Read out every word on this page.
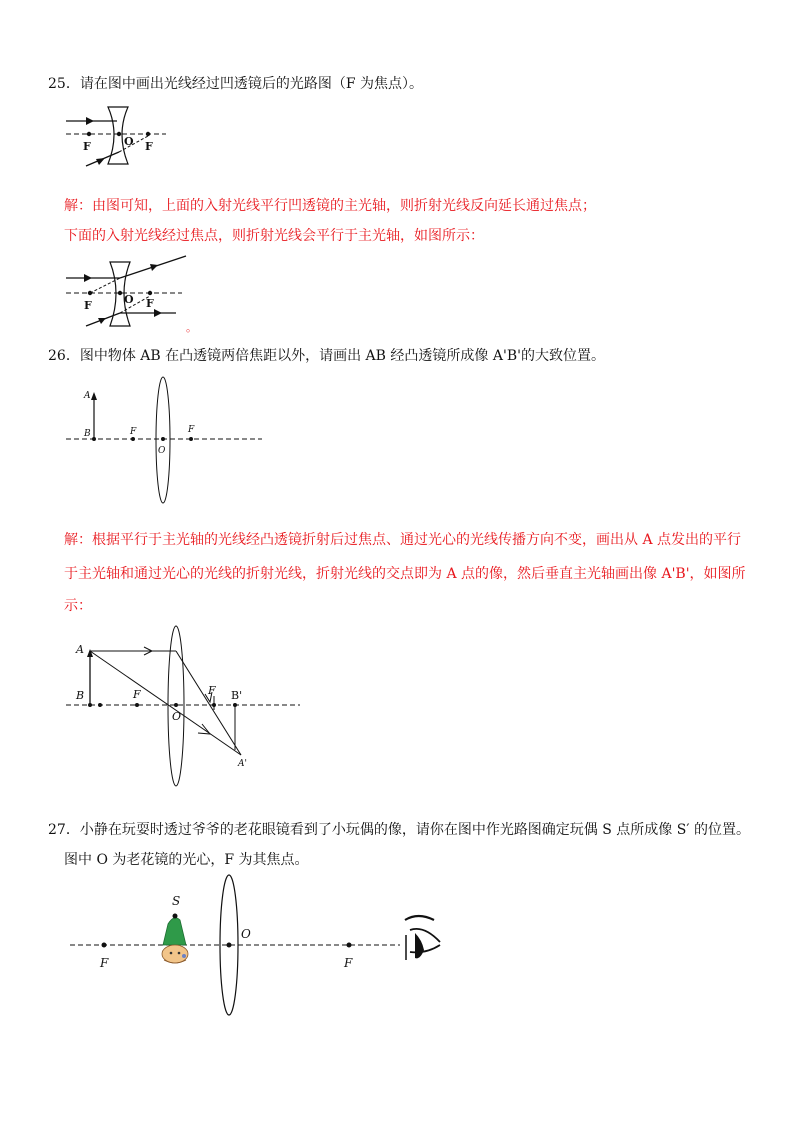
25．请在图中画出光线经过凹透镜后的光路图（F 为焦点）。
F	O F
解：由图可知，上面的入射光线平行凹透镜的主光轴，则折射光线反向延长通过焦点；
下面的入射光线经过焦点，则折射光线会平行于主光轴，如图所示：
F	O F
。
26．图中物体 AB 在凸透镜两倍焦距以外，请画出 AB 经凸透镜所成像 A'B'的大致位置。
A
B	F
O
F
解：根据平行于主光轴的光线经凸透镜折射后过焦点、通过光心的光线传播方向不变，画出从 A 点发出的平行
于主光轴和通过光心的光线的折射光线，折射光线的交点即为 A 点的像，然后垂直主光轴画出像 A'B'，如图所
示：
A
B	F
O
F B'
A'
27．小静在玩耍时透过爷爷的老花眼镜看到了小玩偶的像，请你在图中作光路图确定玩偶 S 点所成像 S′ 的位置。
图中 O 为老花镜的光心，F 为其焦点。
S
O
F	F
